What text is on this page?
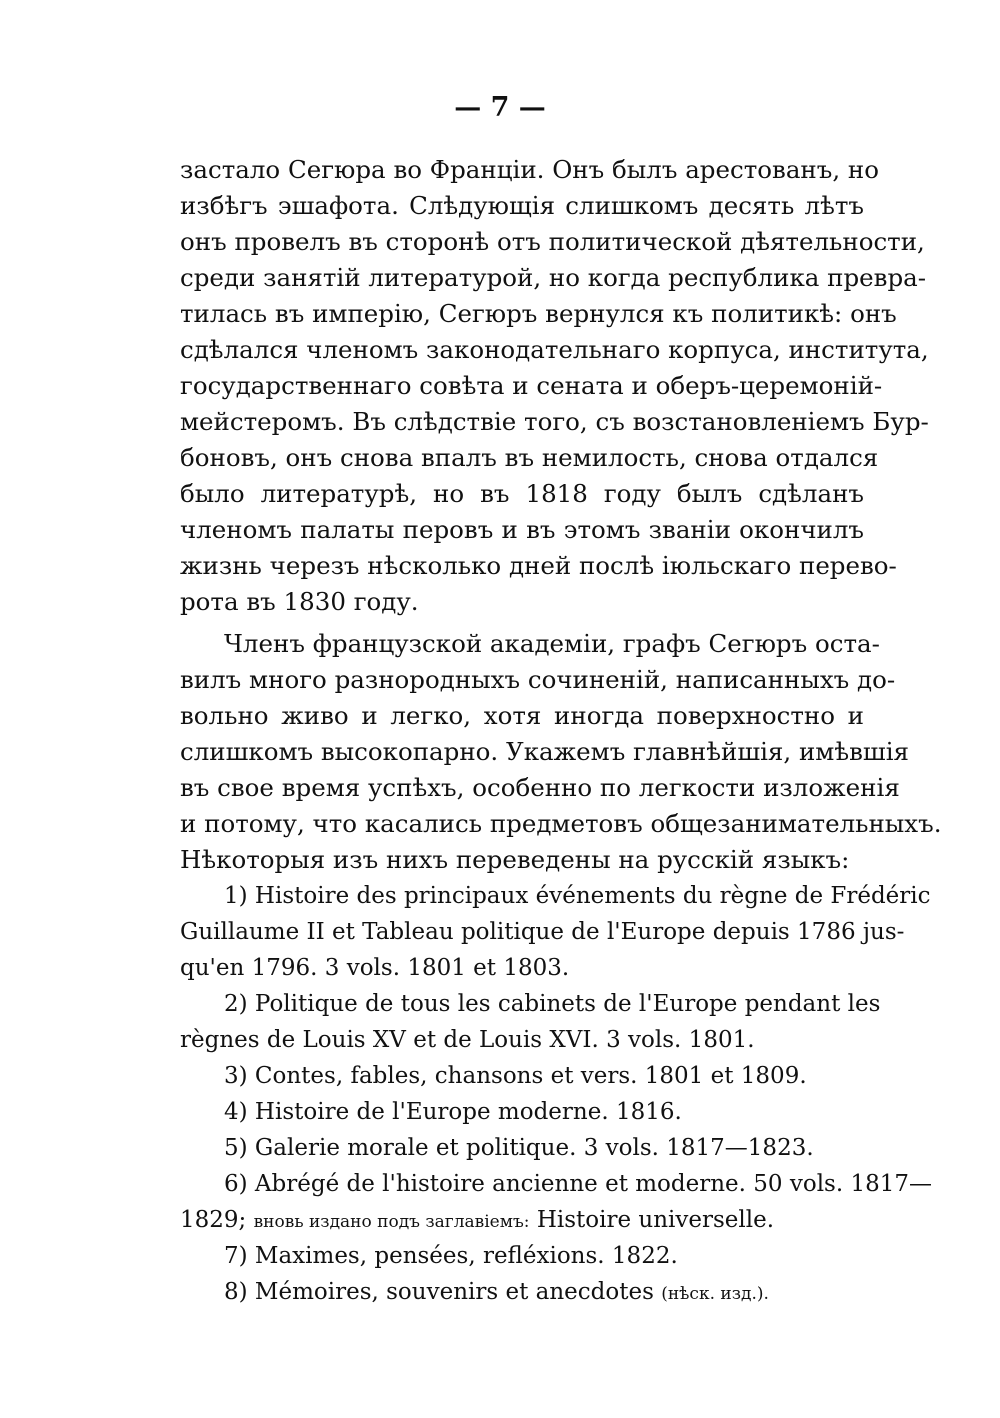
— 7 —
застало Сегюра во Франціи. Онъ былъ арестованъ, но
избѣгъ эшафота. Слѣдующія слишкомъ десять лѣтъ
онъ провелъ въ сторонѣ отъ политической дѣятельности,
среди занятій литературой, но когда республика превра-
тилась въ имперію, Сегюръ вернулся къ политикѣ: онъ
сдѣлался членомъ законодательнаго корпуса, института,
государственнаго совѣта и сената и оберъ-церемоній-
мейстеромъ. Въ слѣдствіе того, съ возстановленіемъ Бур-
боновъ, онъ снова впалъ въ немилость, снова отдался
было литературѣ, но въ 1818 году былъ сдѣланъ
членомъ палаты перовъ и въ этомъ званіи окончилъ
жизнь черезъ нѣсколько дней послѣ іюльскаго перево-
рота въ 1830 году.
Членъ французской академіи, графъ Сегюръ оста-
вилъ много разнородныхъ сочиненій, написанныхъ до-
вольно живо и легко, хотя иногда поверхностно и
слишкомъ высокопарно. Укажемъ главнѣйшія, имѣвшія
въ свое время успѣхъ, особенно по легкости изложенія
и потому, что касались предметовъ общезанимательныхъ.
Нѣкоторыя изъ нихъ переведены на русскій языкъ:
1) Histoire des principaux événements du règne de Frédéric
Guillaume II et Tableau politique de l'Europe depuis 1786 jus-
qu'en 1796. 3 vols. 1801 et 1803.
2) Politique de tous les cabinets de l'Europe pendant les
règnes de Louis XV et de Louis XVI. 3 vols. 1801.
3) Contes, fables, chansons et vers. 1801 et 1809.
4) Histoire de l'Europe moderne. 1816.
5) Galerie morale et politique. 3 vols. 1817—1823.
6) Abrégé de l'histoire ancienne et moderne. 50 vols. 1817—
1829; вновь издано подъ заглавіемъ: Histoire universelle.
7) Maximes, pensées, refléxions. 1822.
8) Mémoires, souvenirs et anecdotes (нѣск. изд.).
